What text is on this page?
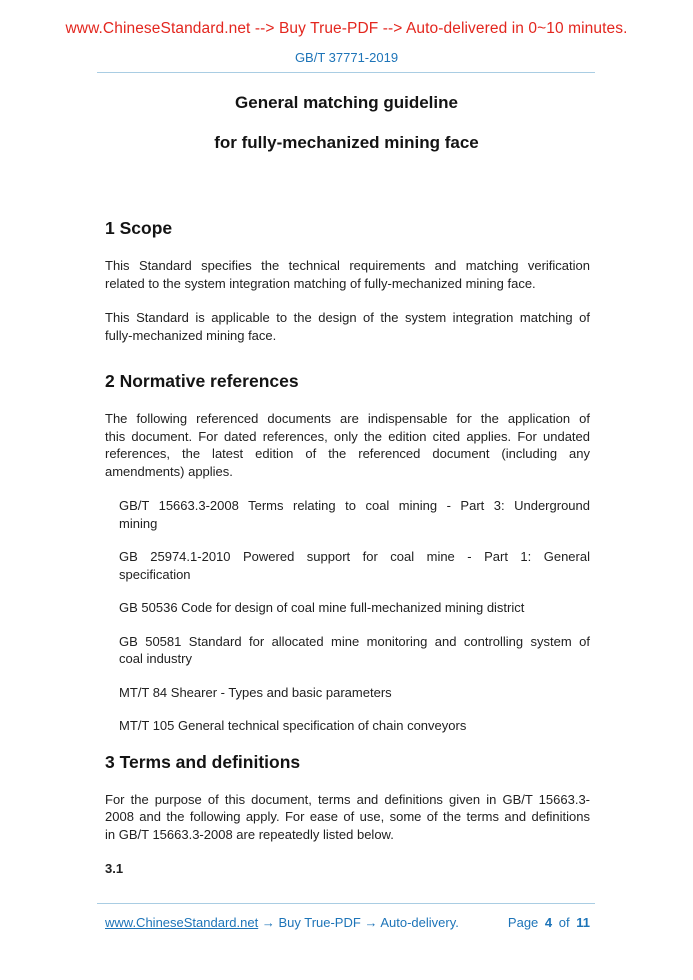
www.ChineseStandard.net --> Buy True-PDF --> Auto-delivered in 0~10 minutes.
GB/T 37771-2019
General matching guideline
for fully-mechanized mining face
1 Scope
This Standard specifies the technical requirements and matching verification
related to the system integration matching of fully-mechanized mining face.
This Standard is applicable to the design of the system integration matching of
fully-mechanized mining face.
2 Normative references
The following referenced documents are indispensable for the application of
this document. For dated references, only the edition cited applies. For undated
references, the latest edition of the referenced document (including any
amendments) applies.
GB/T 15663.3-2008 Terms relating to coal mining - Part 3: Underground
mining
GB 25974.1-2010 Powered support for coal mine - Part 1: General
specification
GB 50536 Code for design of coal mine full-mechanized mining district
GB 50581 Standard for allocated mine monitoring and controlling system of
coal industry
MT/T 84 Shearer - Types and basic parameters
MT/T 105 General technical specification of chain conveyors
3 Terms and definitions
For the purpose of this document, terms and definitions given in GB/T 15663.3-
2008 and the following apply. For ease of use, some of the terms and definitions
in GB/T 15663.3-2008 are repeatedly listed below.
3.1
www.ChineseStandard.net → Buy True-PDF → Auto-delivery.	Page 4 of 11
